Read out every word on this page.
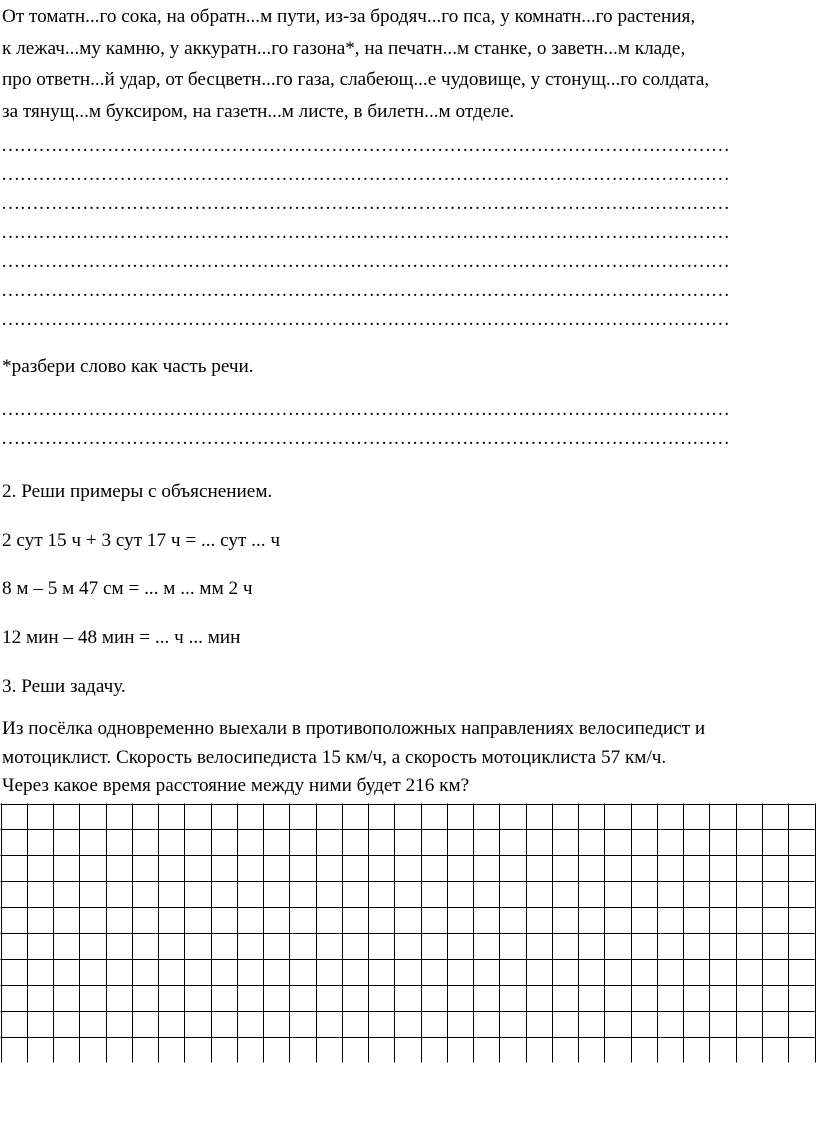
От томатн...го сока, на обратн...м пути, из-за бродяч...го пса, у комнатн...го растения,
к лежач...му камню, у аккуратн...го газона*, на печатн...м станке, о заветн...м кладе,
про ответн...й удар, от бесцветн...го газа, слабеющ...е чудовище, у стонущ...го солдата,
за тянущ...м буксиром, на газетн...м листе, в билетн...м отделе.
………………………………………………………………………………………………………
………………………………………………………………………………………………………
………………………………………………………………………………………………………
………………………………………………………………………………………………………
………………………………………………………………………………………………………
………………………………………………………………………………………………………
………………………………………………………………………………………………………
*разбери слово как часть речи.
………………………………………………………………………………………………………
………………………………………………………………………………………………………
2. Реши примеры с объяснением.
2 сут 15 ч + 3 сут 17 ч = ... сут ... ч
8 м – 5 м 47 см = ... м ... мм 2 ч
12 мин – 48 мин = ... ч ... мин
3. Реши задачу.
Из посёлка одновременно выехали в противоположных направлениях велосипедист и
мотоциклист. Скорость велосипедиста 15 км/ч, а скорость мотоциклиста 57 км/ч.
Через какое время расстояние между ними будет 216 км?
